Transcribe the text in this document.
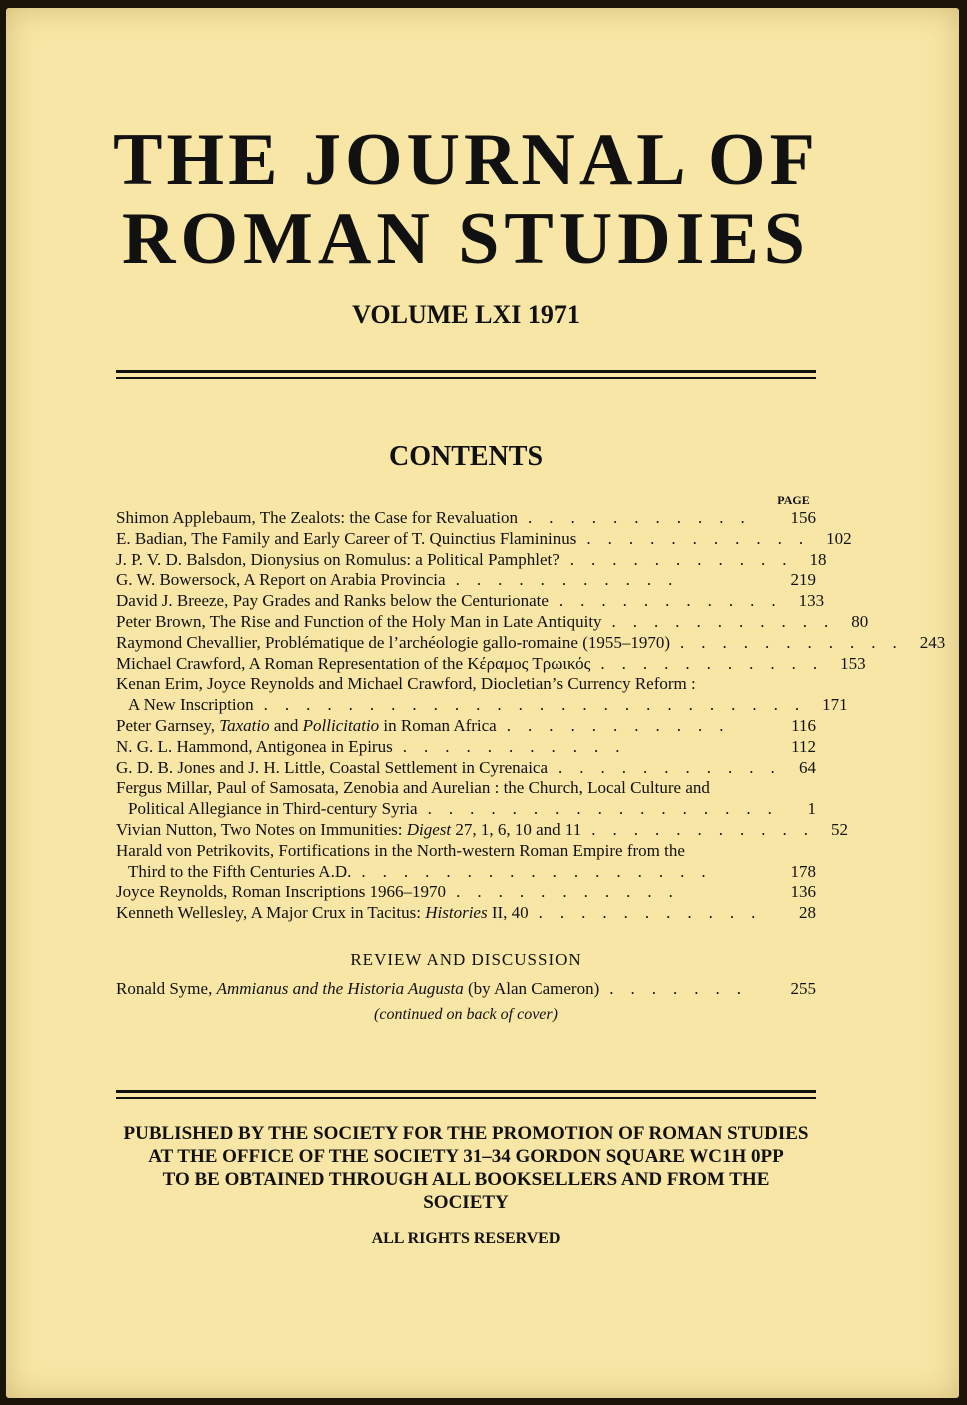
THE JOURNAL OF
ROMAN STUDIES
VOLUME LXI 1971
CONTENTS
PAGE
Shimon Applebaum, The Zealots: the Case for Revaluation ...........	156
E. Badian, The Family and Early Career of T. Quinctius Flamininus ........... 102
J. P. V. D. Balsdon, Dionysius on Romulus: a Political Pamphlet? ........... 18
G. W. Bowersock, A Report on Arabia Provincia ...........	219
David J. Breeze, Pay Grades and Ranks below the Centurionate ........... 133
Peter Brown, The Rise and Function of the Holy Man in Late Antiquity ........... 80
Raymond Chevallier, Problématique de l’archéologie gallo-romaine (1955–1970) ........... 243
Michael Crawford, A Roman Representation of the Κέραμος Τρωικός ........... 153
Kenan Erim, Joyce Reynolds and Michael Crawford, Diocletian’s Currency Reform :
A New Inscription .......................... 171
Peter Garnsey, Taxatio and Pollicitatio in Roman Africa ...........	116
N. G. L. Hammond, Antigonea in Epirus ...........	112
G. D. B. Jones and J. H. Little, Coastal Settlement in Cyrenaica ........... 64
Fergus Millar, Paul of Samosata, Zenobia and Aurelian : the Church, Local Culture and
Political Allegiance in Third-century Syria .................	1
Vivian Nutton, Two Notes on Immunities: Digest 27, 1, 6, 10 and 11 ........... 52
Harald von Petrikovits, Fortifications in the North-western Roman Empire from the
Third to the Fifth Centuries A.D. .................	178
Joyce Reynolds, Roman Inscriptions 1966–1970 ...........	136
Kenneth Wellesley, A Major Crux in Tacitus: Histories II, 40 ...........	28
REVIEW AND DISCUSSION
Ronald Syme, Ammianus and the Historia Augusta (by Alan Cameron) .......	255
(continued on back of cover)
PUBLISHED BY THE SOCIETY FOR THE PROMOTION OF ROMAN STUDIES
AT THE OFFICE OF THE SOCIETY 31–34 GORDON SQUARE WC1H 0PP
TO BE OBTAINED THROUGH ALL BOOKSELLERS AND FROM THE
SOCIETY
ALL RIGHTS RESERVED
